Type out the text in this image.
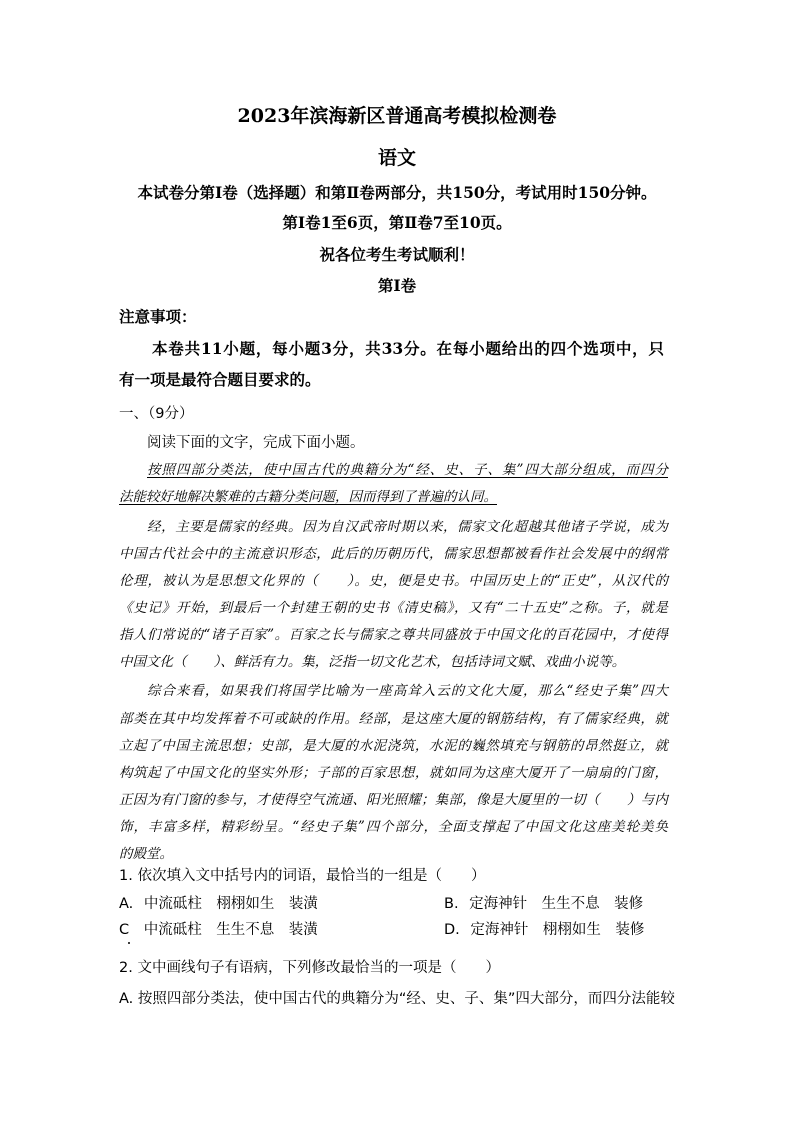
2023年滨海新区普通高考模拟检测卷
语文
本试卷分第Ⅰ卷（选择题）和第Ⅱ卷两部分，共150分，考试用时150分钟。
第Ⅰ卷1至6页，第Ⅱ卷7至10页。
祝各位考生考试顺利！
第Ⅰ卷
注意事项：
本卷共11小题，每小题3分，共33分。在每小题给出的四个选项中，只
有一项是最符合题目要求的。
一、（9分）
阅读下面的文字，完成下面小题。
按照四部分类法，使中国古代的典籍分为“经、史、子、集”四大部分组成，而四分
法能较好地解决繁难的古籍分类问题，因而得到了普遍的认同。
经，主要是儒家的经典。因为自汉武帝时期以来，儒家文化超越其他诸子学说，成为
中国古代社会中的主流意识形态，此后的历朝历代，儒家思想都被看作社会发展中的纲常
伦理，被认为是思想文化界的（　　）。史，便是史书。中国历史上的“正史”，从汉代的
《史记》开始，到最后一个封建王朝的史书《清史稿》，又有“二十五史”之称。子，就是
指人们常说的“诸子百家”。百家之长与儒家之尊共同盛放于中国文化的百花园中，才使得
中国文化（　　）、鲜活有力。集，泛指一切文化艺术，包括诗词文赋、戏曲小说等。
综合来看，如果我们将国学比喻为一座高耸入云的文化大厦，那么“经史子集”四大
部类在其中均发挥着不可或缺的作用。经部，是这座大厦的钢筋结构，有了儒家经典，就
立起了中国主流思想；史部，是大厦的水泥浇筑，水泥的巍然填充与钢筋的昂然挺立，就
构筑起了中国文化的坚实外形；子部的百家思想，就如同为这座大厦开了一扇扇的门窗，
正因为有门窗的参与，才使得空气流通、阳光照耀；集部，像是大厦里的一切（　　）与内
饰，丰富多样，精彩纷呈。“经史子集”四个部分，全面支撑起了中国文化这座美轮美奂
的殿堂。
1. 依次填入文中括号内的词语，最恰当的一组是（　　）
A. 中流砥柱　栩栩如生　装潢	B. 定海神针　生生不息　装修
C 中流砥柱　生生不息　装潢	D. 定海神针　栩栩如生　装修
2. 文中画线句子有语病，下列修改最恰当的一项是（　　）
A. 按照四部分类法，使中国古代的典籍分为“经、史、子、集”四大部分，而四分法能较
